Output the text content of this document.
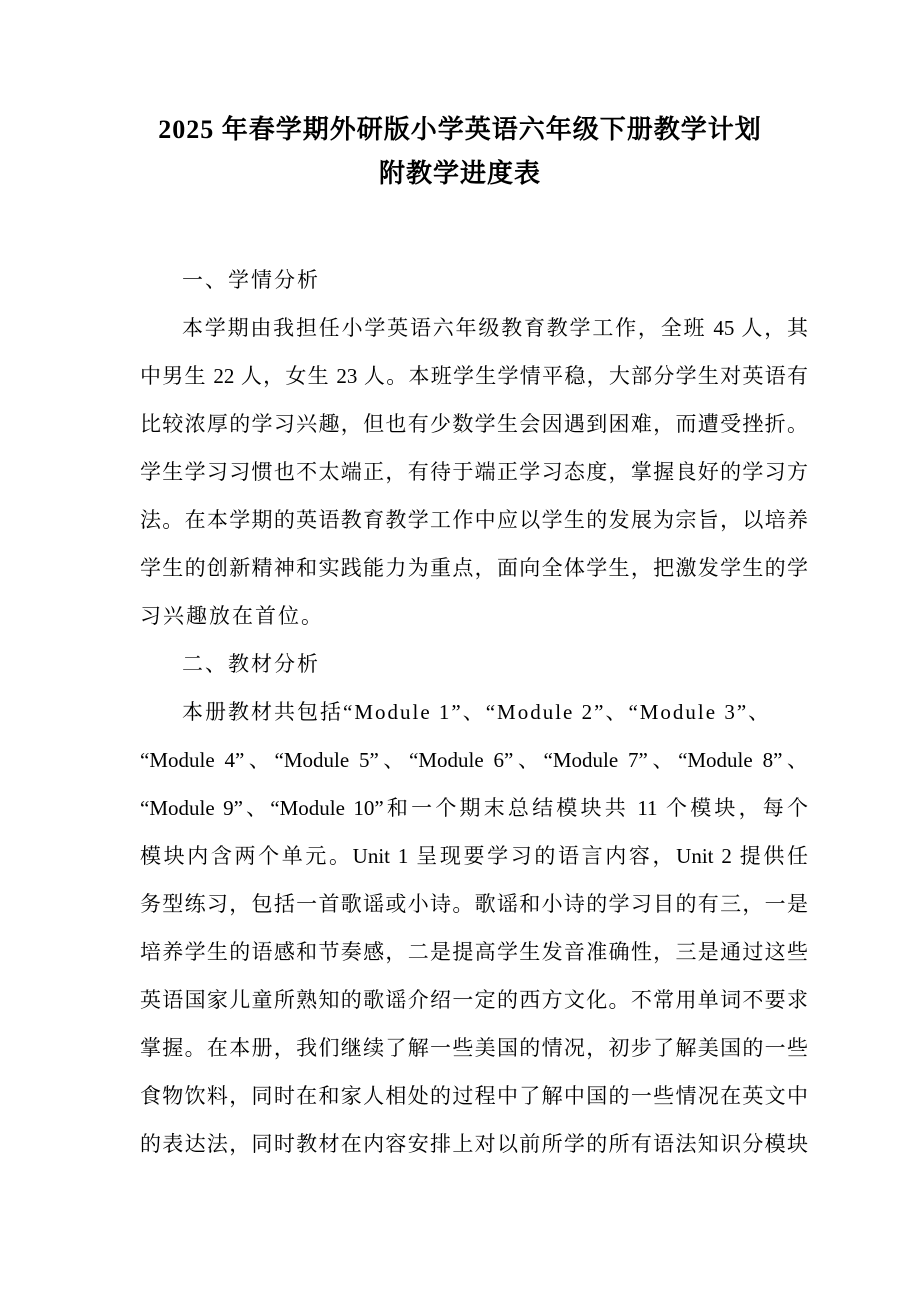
2025 年春学期外研版小学英语六年级下册教学计划
附教学进度表
一、学情分析
本学期由我担任小学英语六年级教育教学工作，全班 45 人，其
中男生 22 人，女生 23 人。本班学生学情平稳，大部分学生对英语有
比较浓厚的学习兴趣，但也有少数学生会因遇到困难，而遭受挫折。
学生学习习惯也不太端正，有待于端正学习态度，掌握良好的学习方
法。在本学期的英语教育教学工作中应以学生的发展为宗旨，以培养
学生的创新精神和实践能力为重点，面向全体学生，把激发学生的学
习兴趣放在首位。
二、教材分析
本册教材共包括“Module 1”、“Module 2”、“Module 3”、
“Module 4”、“Module 5”、“Module 6”、“Module 7”、“Module 8”、
“Module 9”、“Module 10”和一个期末总结模块共 11 个模块，每个
模块内含两个单元。Unit 1 呈现要学习的语言内容，Unit 2 提供任
务型练习，包括一首歌谣或小诗。歌谣和小诗的学习目的有三，一是
培养学生的语感和节奏感，二是提高学生发音准确性，三是通过这些
英语国家儿童所熟知的歌谣介绍一定的西方文化。不常用单词不要求
掌握。在本册，我们继续了解一些美国的情况，初步了解美国的一些
食物饮料，同时在和家人相处的过程中了解中国的一些情况在英文中
的表达法，同时教材在内容安排上对以前所学的所有语法知识分模块
